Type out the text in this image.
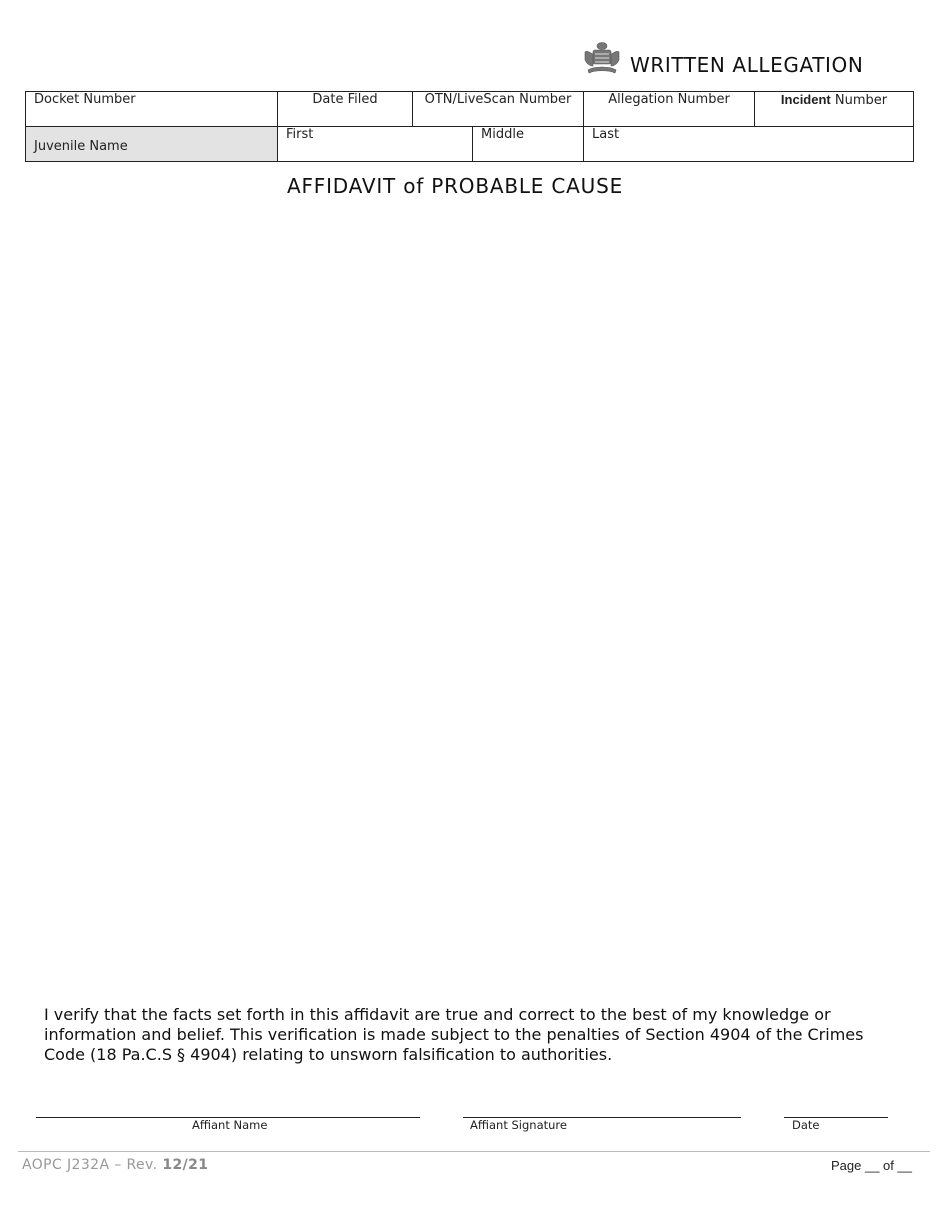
WRITTEN ALLEGATION
Docket Number	Date Filed	OTN/LiveScan Number		Allegation Number	Incident Number

Juvenile Name	First		Middle	Last	
AFFIDAVIT of PROBABLE CAUSE
I verify that the facts set forth in this affidavit are true and correct to the best of my knowledge or information and belief. This verification is made subject to the penalties of Section 4904 of the Crimes Code (18 Pa.C.S § 4904) relating to unsworn falsification to authorities.
Affiant Name	Affiant Signature	Date
AOPC J232A – Rev. 12/21	Page __ of __
